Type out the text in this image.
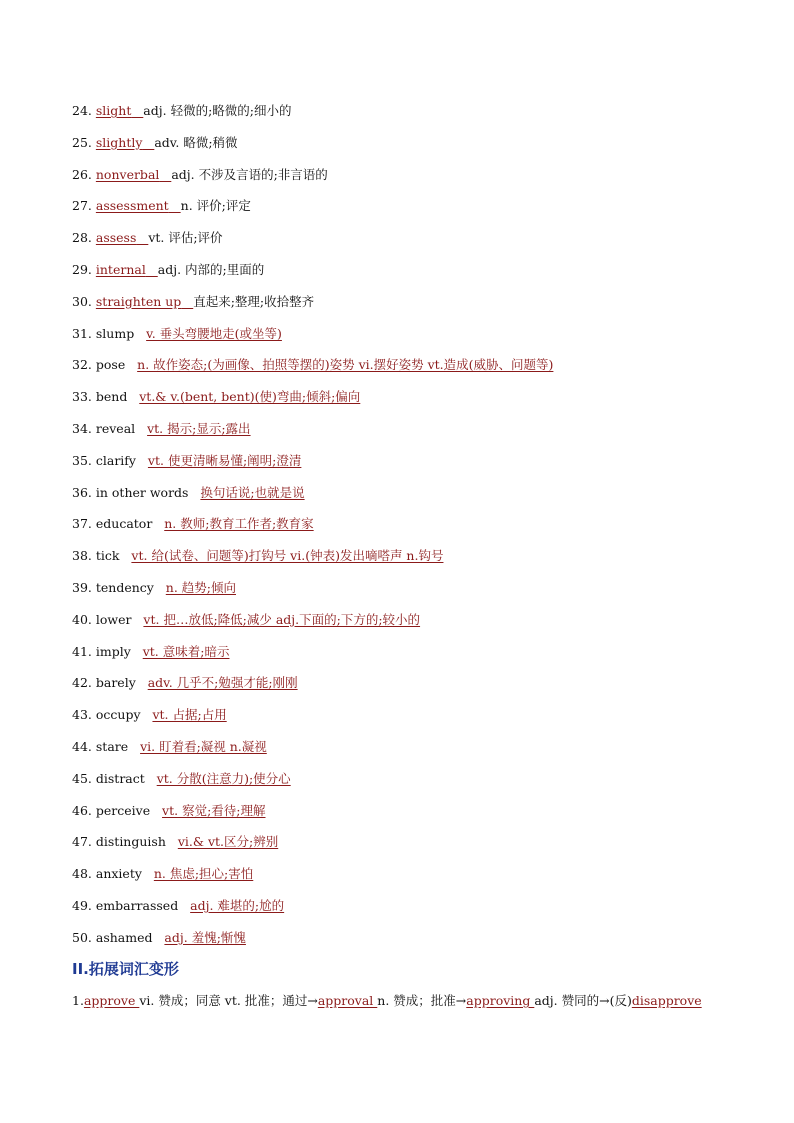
24. slight adj. 轻微的;略微的;细小的
25. slightly adv. 略微;稍微
26. nonverbal adj. 不涉及言语的;非言语的
27. assessment n. 评价;评定
28. assess vt. 评估;评价
29. internal adj. 内部的;里面的
30. straighten up 直起来;整理;收拾整齐
31. slump v. 垂头弯腰地走(或坐等)
32. pose n. 故作姿态;(为画像、拍照等摆的)姿势 vi.摆好姿势 vt.造成(威胁、问题等)
33. bend vt.& v.(bent, bent)(使)弯曲;倾斜;偏向
34. reveal vt. 揭示;显示;露出
35. clarify vt. 使更清晰易懂;阐明;澄清
36. in other words 换句话说;也就是说
37. educator n. 教师;教育工作者;教育家
38. tick vt. 给(试卷、问题等)打钩号 vi.(钟表)发出嘀嗒声 n.钩号
39. tendency n. 趋势;倾向
40. lower vt. 把…放低;降低;减少 adj.下面的;下方的;较小的
41. imply vt. 意味着;暗示
42. barely adv. 几乎不;勉强才能;刚刚
43. occupy vt. 占据;占用
44. stare vi. 盯着看;凝视 n.凝视
45. distract vt. 分散(注意力);使分心
46. perceive vt. 察觉;看待;理解
47. distinguish vi.& vt.区分;辨别
48. anxiety n. 焦虑;担心;害怕
49. embarrassed adj. 难堪的;尬的
50. ashamed adj. 羞愧;惭愧
II.拓展词汇变形
1.approve vi. 赞成；同意 vt. 批准；通过→approval n. 赞成；批准→approving adj. 赞同的→(反)disapprove
